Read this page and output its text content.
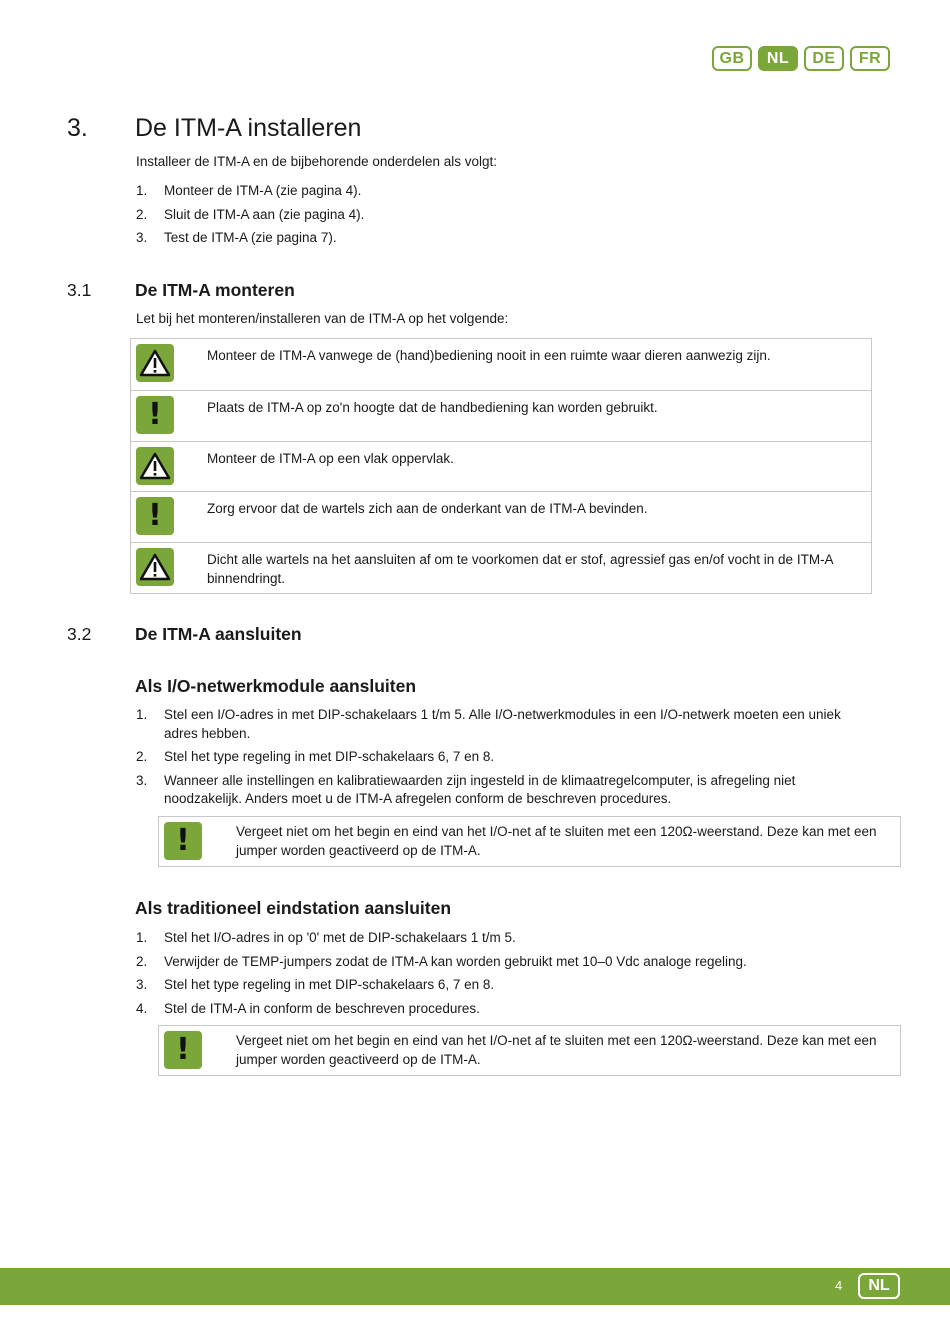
GB	NL	DE	FR
3.	De ITM-A installeren
Installeer de ITM-A en de bijbehorende onderdelen als volgt:
1. Monteer de ITM-A (zie pagina 4).
2. Sluit de ITM-A aan (zie pagina 4).
3. Test de ITM-A (zie pagina 7).
3.1 De ITM-A monteren
Let bij het monteren/installeren van de ITM-A op het volgende:
Monteer de ITM-A vanwege de (hand)bediening nooit in een ruimte waar dieren aanwezig zijn.
!	Plaats de ITM-A op zo'n hoogte dat de handbediening kan worden gebruikt.
Monteer de ITM-A op een vlak oppervlak.
!	Zorg ervoor dat de wartels zich aan de onderkant van de ITM-A bevinden.
Dicht alle wartels na het aansluiten af om te voorkomen dat er stof, agressief gas en/of vocht in de ITM-A binnendringt.
3.2 De ITM-A aansluiten
Als I/O-netwerkmodule aansluiten
1. Stel een I/O-adres in met DIP-schakelaars 1 t/m 5. Alle I/O-netwerkmodules in een I/O-netwerk moeten een uniek adres hebben.
2. Stel het type regeling in met DIP-schakelaars 6, 7 en 8.
3. Wanneer alle instellingen en kalibratiewaarden zijn ingesteld in de klimaatregelcomputer, is afregeling niet noodzakelijk. Anders moet u de ITM-A afregelen conform de beschreven procedures.
!	Vergeet niet om het begin en eind van het I/O-net af te sluiten met een 120Ω-weerstand. Deze kan met een jumper worden geactiveerd op de ITM-A.
Als traditioneel eindstation aansluiten
1. Stel het I/O-adres in op '0' met de DIP-schakelaars 1 t/m 5.
2. Verwijder de TEMP-jumpers zodat de ITM-A kan worden gebruikt met 10–0 Vdc analoge regeling.
3. Stel het type regeling in met DIP-schakelaars 6, 7 en 8.
4. Stel de ITM-A in conform de beschreven procedures.
!	Vergeet niet om het begin en eind van het I/O-net af te sluiten met een 120Ω-weerstand. Deze kan met een jumper worden geactiveerd op de ITM-A.
4	NL
